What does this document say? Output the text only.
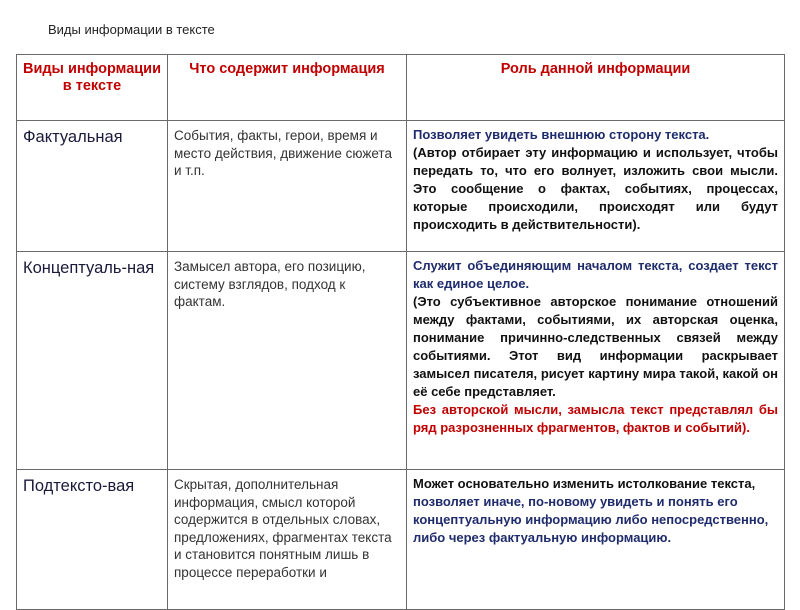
Виды информации в тексте
Виды информации в тексте	Что содержит информация	Роль данной информации
Фактуальная	События, факты, герои, время и место действия, движение сюжета и т.п.	Позволяет увидеть внешнюю сторону текста.
(Автор отбирает эту информацию и использует, чтобы передать то, что его волнует, изложить свои мысли. Это сообщение о фактах, событиях, процессах, которые происходили, происходят или будут происходить в действительности).

Концептуаль-ная	Замысел автора, его позицию, систему взглядов, подход к фактам.	Служит объединяющим началом текста, создает текст как единое целое.
(Это субъективное авторское понимание отношений между фактами, событиями, их авторская оценка, понимание причинно-следственных связей между событиями. Этот вид информации раскрывает замысел писателя, рисует картину мира такой, какой он её себе представляет.
Без авторской мысли, замысла текст представлял бы ряд разрозненных фрагментов, фактов и событий).

Подтексто-вая	Скрытая, дополнительная информация, смысл которой содержится в отдельных словах, предложениях, фрагментах текста и становится понятным лишь в процессе переработки и	Может основательно изменить истолкование текста, позволяет иначе, по-новому увидеть и понять его концептуальную информацию либо непосредственно, либо через фактуальную информацию.
